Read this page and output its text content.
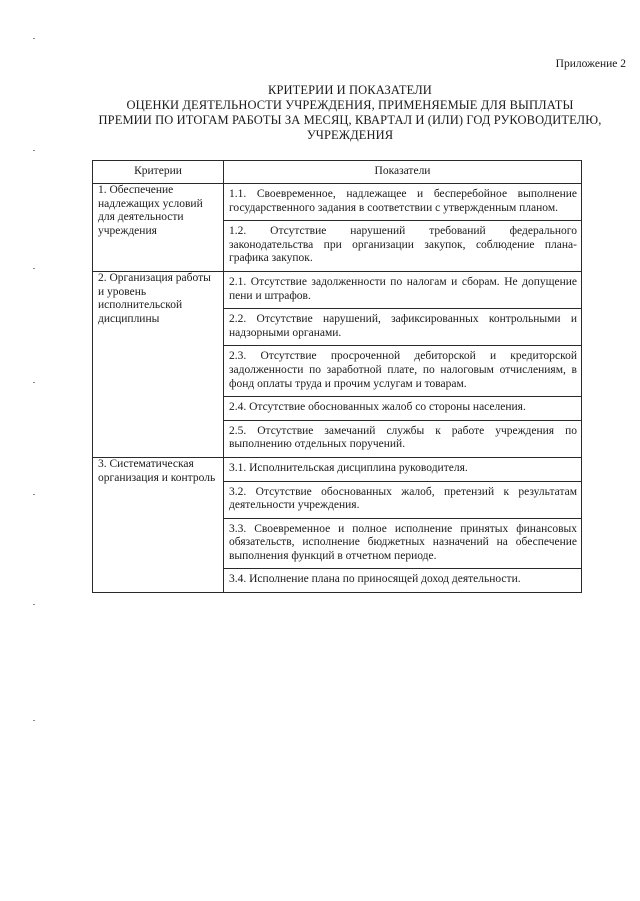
Приложение 2
КРИТЕРИИ И ПОКАЗАТЕЛИ
ОЦЕНКИ ДЕЯТЕЛЬНОСТИ УЧРЕЖДЕНИЯ, ПРИМЕНЯЕМЫЕ ДЛЯ ВЫПЛАТЫ
ПРЕМИИ ПО ИТОГАМ РАБОТЫ ЗА МЕСЯЦ, КВАРТАЛ И (ИЛИ) ГОД РУКОВОДИТЕЛЮ,
УЧРЕЖДЕНИЯ
Критерии	Показатели

1. Обеспечение надлежащих условий для деятельности учреждения	1.1. Своевременное, надлежащее и бесперебойное выполнение государственного задания в соответствии с утвержденным планом.
1.2. Отсутствие нарушений требований федерального законодательства при организации закупок, соблюдение плана-графика закупок.

2. Организация работы и уровень исполнительской дисциплины	2.1. Отсутствие задолженности по налогам и сборам. Не допущение пени и штрафов.
2.2. Отсутствие нарушений, зафиксированных контрольными и надзорными органами.
2.3. Отсутствие просроченной дебиторской и кредиторской задолженности по заработной плате, по налоговым отчислениям, в фонд оплаты труда и прочим услугам и товарам.
2.4. Отсутствие обоснованных жалоб со стороны населения.
2.5. Отсутствие замечаний службы к работе учреждения по выполнению отдельных поручений.

3. Систематическая организация и контроль	3.1. Исполнительская дисциплина руководителя.
3.2. Отсутствие обоснованных жалоб, претензий к результатам деятельности учреждения.
3.3. Своевременное и полное исполнение принятых финансовых обязательств, исполнение бюджетных назначений на обеспечение выполнения функций в отчетном периоде.
3.4. Исполнение плана по приносящей доход деятельности.
